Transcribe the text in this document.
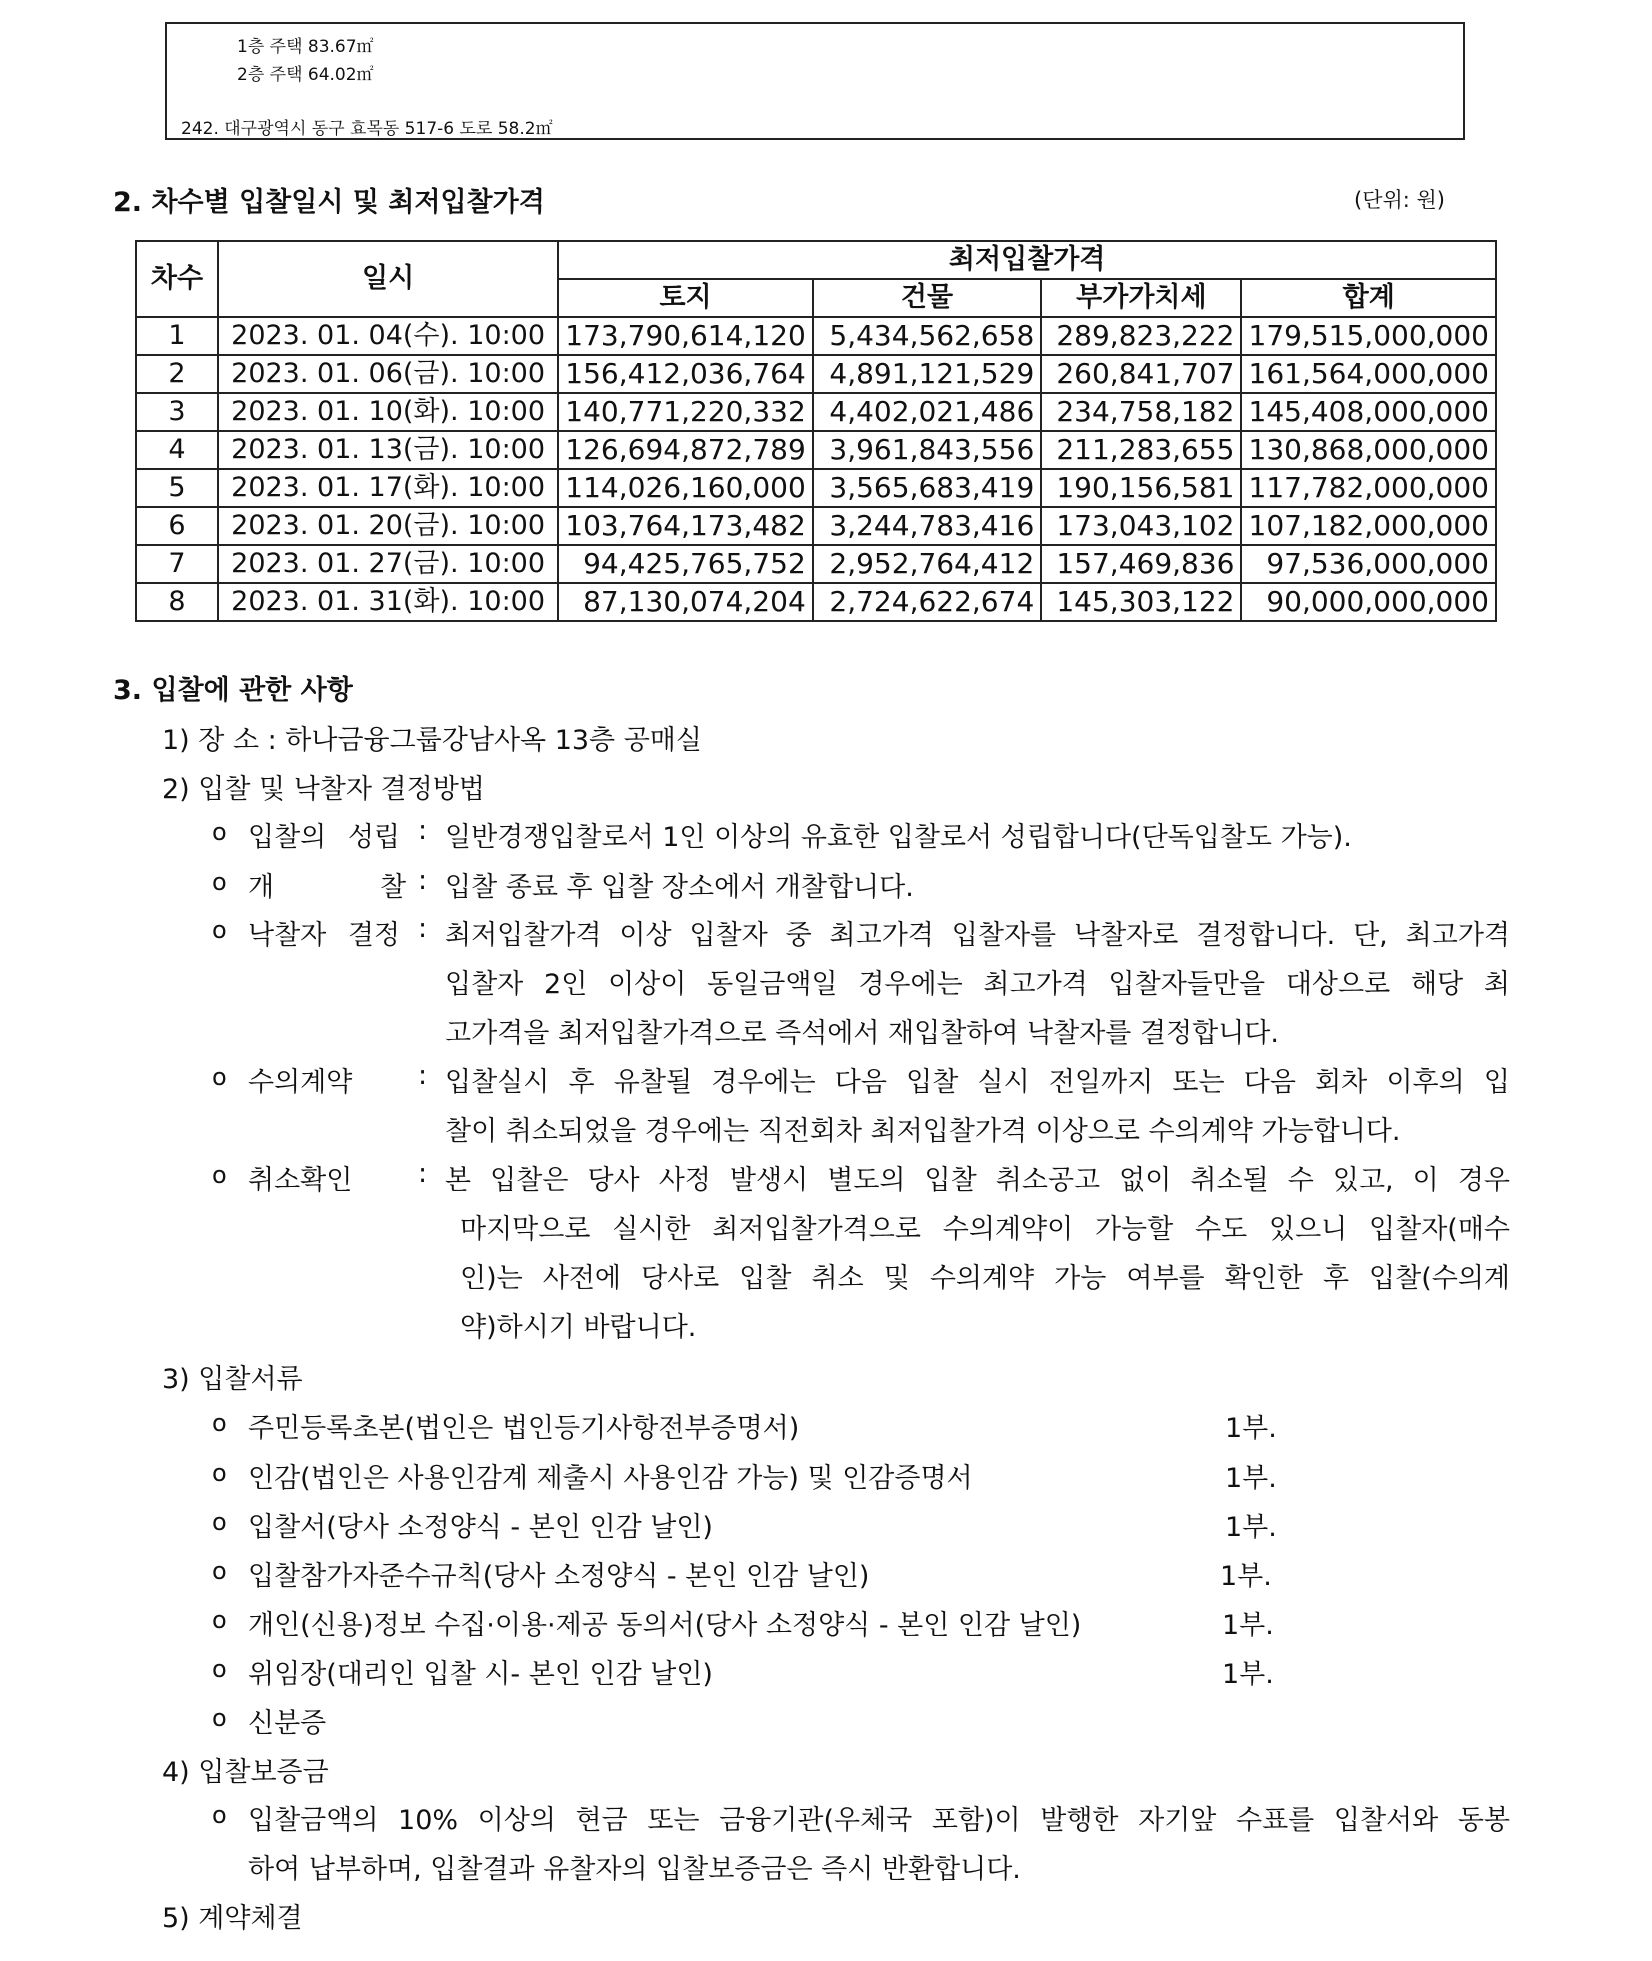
1층 주택 83.67㎡
2층 주택 64.02㎡
242. 대구광역시 동구 효목동 517-6 도로 58.2㎡
2. 차수별 입찰일시 및 최저입찰가격	(단위: 원)
차수	일시	최저입찰가격			
		토지	건물	부가가치세	합계
1	2023. 01. 04(수). 10:00	173,790,614,120	5,434,562,658	289,823,222	179,515,000,000
2	2023. 01. 06(금). 10:00	156,412,036,764	4,891,121,529	260,841,707	161,564,000,000
3	2023. 01. 10(화). 10:00	140,771,220,332	4,402,021,486	234,758,182	145,408,000,000
4	2023. 01. 13(금). 10:00	126,694,872,789	3,961,843,556	211,283,655	130,868,000,000
5	2023. 01. 17(화). 10:00	114,026,160,000	3,565,683,419	190,156,581	117,782,000,000
6	2023. 01. 20(금). 10:00	103,764,173,482	3,244,783,416	173,043,102	107,182,000,000
7	2023. 01. 27(금). 10:00	94,425,765,752	2,952,764,412	157,469,836	97,536,000,000
8	2023. 01. 31(화). 10:00	87,130,074,204	2,724,622,674	145,303,122	90,000,000,000
3. 입찰에 관한 사항
1) 장 소 : 하나금융그룹강남사옥 13층 공매실
2) 입찰 및 낙찰자 결정방법
o 입찰의 성립 : 일반경쟁입찰로서 1인 이상의 유효한 입찰로서 성립합니다(단독입찰도 가능).
o 개	찰 : 입찰 종료 후 입찰 장소에서 개찰합니다.
o 낙찰자 결정 : 최저입찰가격 이상 입찰자 중 최고가격 입찰자를 낙찰자로 결정합니다. 단, 최고가격
입찰자 2인 이상이 동일금액일 경우에는 최고가격 입찰자들만을 대상으로 해당 최
고가격을 최저입찰가격으로 즉석에서 재입찰하여 낙찰자를 결정합니다.
o 수의계약	: 입찰실시 후 유찰될 경우에는 다음 입찰 실시 전일까지 또는 다음 회차 이후의 입
찰이 취소되었을 경우에는 직전회차 최저입찰가격 이상으로 수의계약 가능합니다.
o 취소확인	: 본 입찰은 당사 사정 발생시 별도의 입찰 취소공고 없이 취소될 수 있고, 이 경우
마지막으로 실시한 최저입찰가격으로 수의계약이 가능할 수도 있으니 입찰자(매수
인)는 사전에 당사로 입찰 취소 및 수의계약 가능 여부를 확인한 후 입찰(수의계
약)하시기 바랍니다.
3) 입찰서류
o 주민등록초본(법인은 법인등기사항전부증명서)	1부.
o 인감(법인은 사용인감계 제출시 사용인감 가능) 및 인감증명서	1부.
o 입찰서(당사 소정양식 - 본인 인감 날인)	1부.
o 입찰참가자준수규칙(당사 소정양식 - 본인 인감 날인)	1부.
o 개인(신용)정보 수집·이용·제공 동의서(당사 소정양식 - 본인 인감 날인)	1부.
o 위임장(대리인 입찰 시- 본인 인감 날인)	1부.
o 신분증
4) 입찰보증금
o 입찰금액의 10% 이상의 현금 또는 금융기관(우체국 포함)이 발행한 자기앞 수표를 입찰서와 동봉
하여 납부하며, 입찰결과 유찰자의 입찰보증금은 즉시 반환합니다.
5) 계약체결
